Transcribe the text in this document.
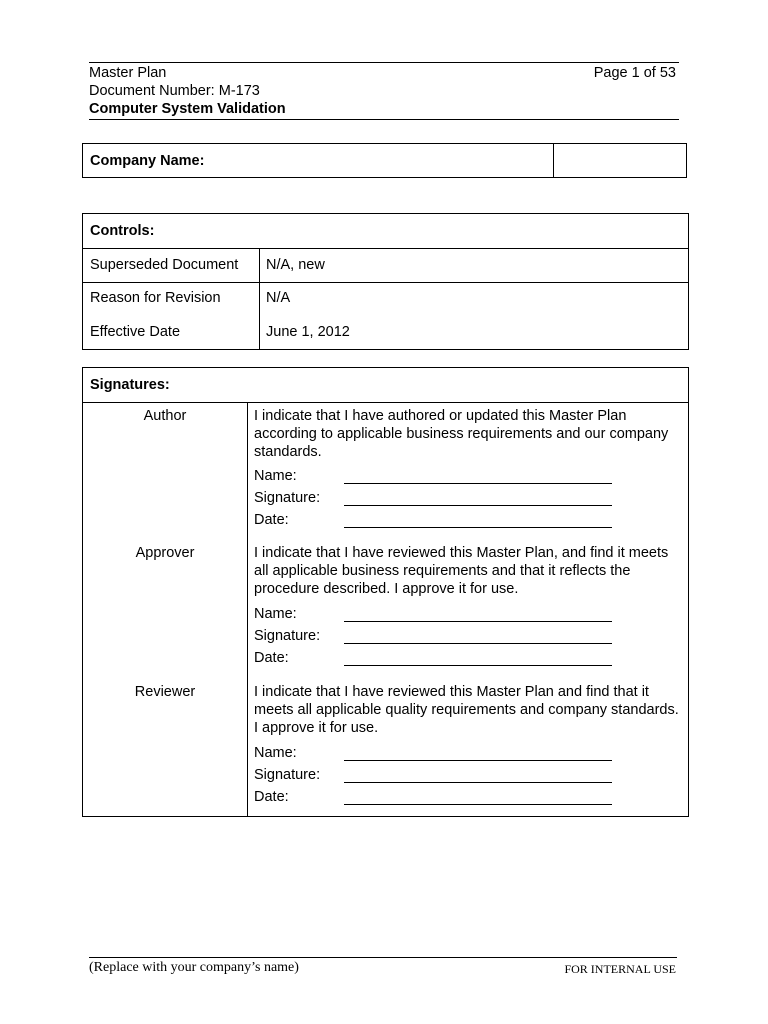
Master Plan	Page 1 of 53
Document Number: M-173
Computer System Validation
Company Name:
Controls:
Superseded Document N/A, new
Reason for Revision	N/A
Effective Date	June 1, 2012
Signatures:
Author	I indicate that I have authored or updated this Master Plan according to applicable business requirements and our company standards.
Name:
Signature:
Date:
Approver	I indicate that I have reviewed this Master Plan, and find it meets all applicable business requirements and that it reflects the procedure described. I approve it for use.
Name:
Signature:
Date:
Reviewer	I indicate that I have reviewed this Master Plan and find that it meets all applicable quality requirements and company standards. I approve it for use.
Name:
Signature:
Date:
(Replace with your company’s name)	FOR INTERNAL USE
